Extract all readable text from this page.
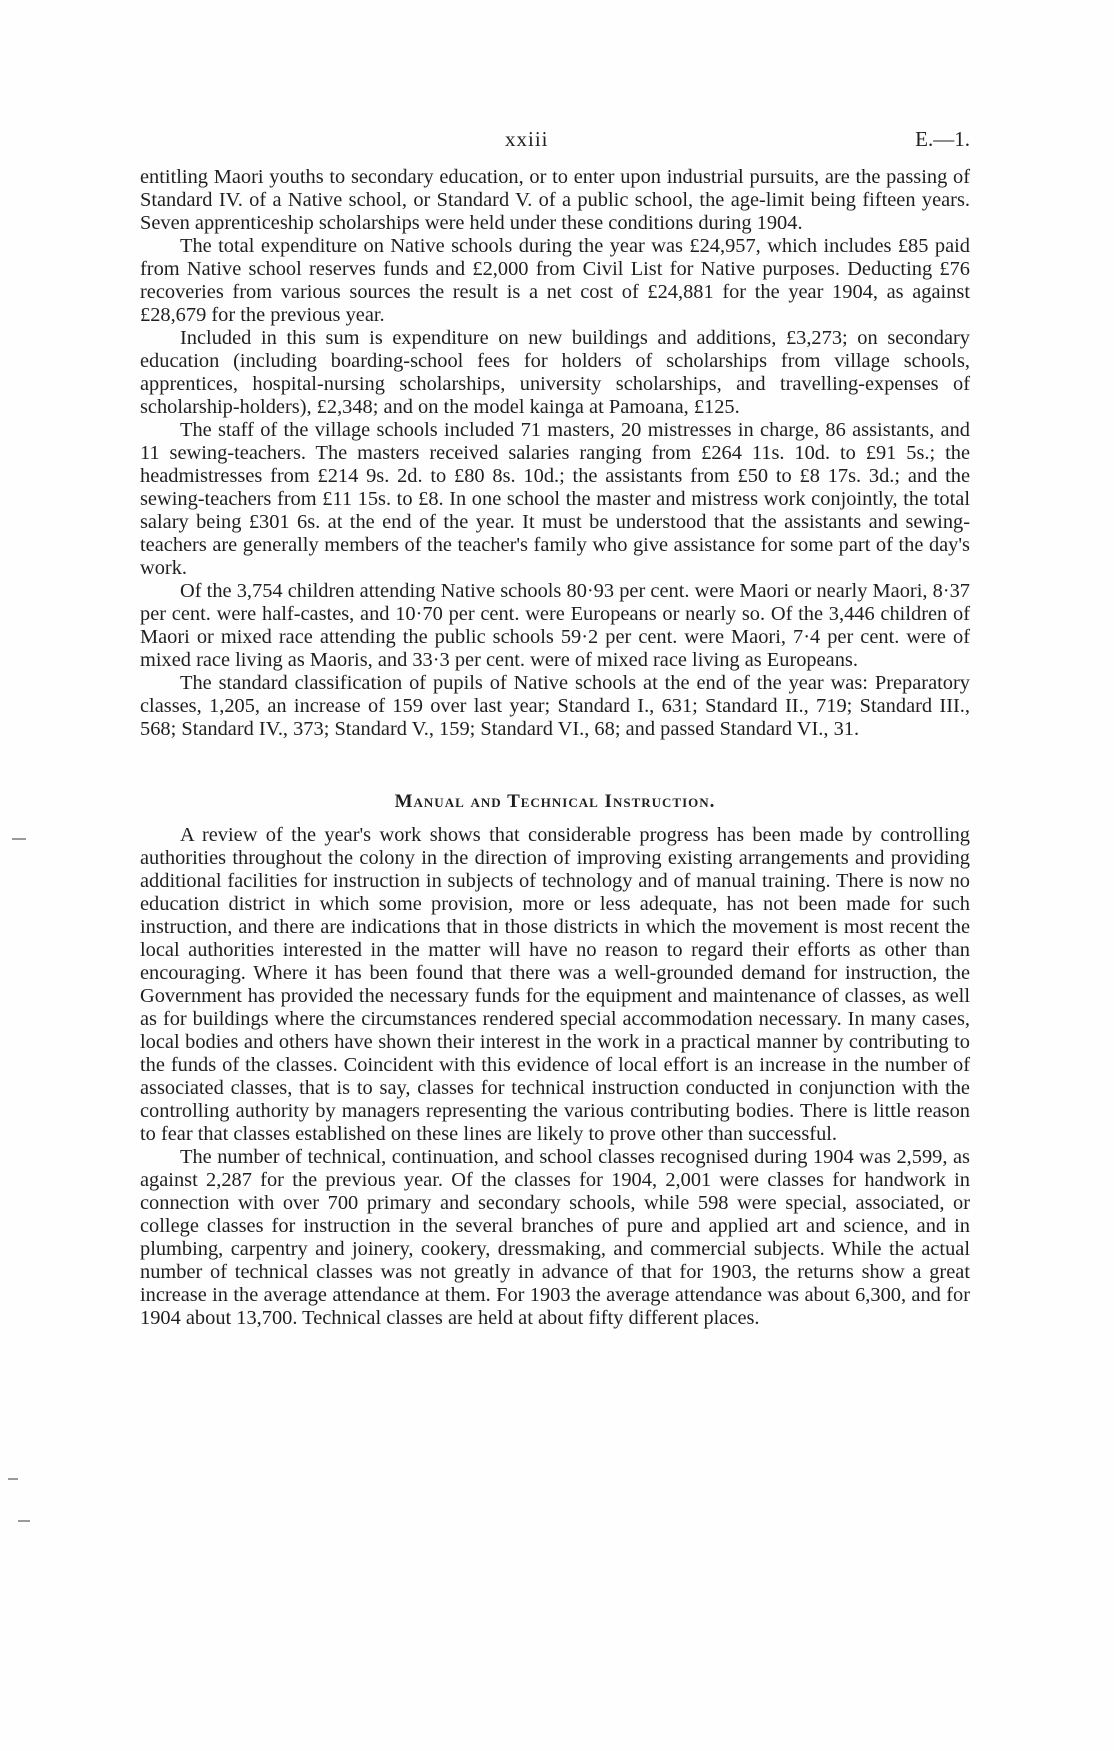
xxiii	E.—1.

entitling Maori youths to secondary education, or to enter upon industrial pursuits, are the passing of Standard IV. of a Native school, or Standard V. of a public school, the age-limit being fifteen years. Seven apprenticeship scholarships were held under these conditions during 1904.

The total expenditure on Native schools during the year was £24,957, which includes £85 paid from Native school reserves funds and £2,000 from Civil List for Native purposes. Deducting £76 recoveries from various sources the result is a net cost of £24,881 for the year 1904, as against £28,679 for the previous year.

Included in this sum is expenditure on new buildings and additions, £3,273; on secondary education (including boarding-school fees for holders of scholarships from village schools, apprentices, hospital-nursing scholarships, university scholarships, and travelling-expenses of scholarship-holders), £2,348; and on the model kainga at Pamoana, £125.

The staff of the village schools included 71 masters, 20 mistresses in charge, 86 assistants, and 11 sewing-teachers. The masters received salaries ranging from £264 11s. 10d. to £91 5s.; the headmistresses from £214 9s. 2d. to £80 8s. 10d.; the assistants from £50 to £8 17s. 3d.; and the sewing-teachers from £11 15s. to £8. In one school the master and mistress work conjointly, the total salary being £301 6s. at the end of the year. It must be understood that the assistants and sewing-teachers are generally members of the teacher's family who give assistance for some part of the day's work.

Of the 3,754 children attending Native schools 80·93 per cent. were Maori or nearly Maori, 8·37 per cent. were half-castes, and 10·70 per cent. were Europeans or nearly so. Of the 3,446 children of Maori or mixed race attending the public schools 59·2 per cent. were Maori, 7·4 per cent. were of mixed race living as Maoris, and 33·3 per cent. were of mixed race living as Europeans.

The standard classification of pupils of Native schools at the end of the year was: Preparatory classes, 1,205, an increase of 159 over last year; Standard I., 631; Standard II., 719; Standard III., 568; Standard IV., 373; Standard V., 159; Standard VI., 68; and passed Standard VI., 31.

Manual and Technical Instruction.

A review of the year's work shows that considerable progress has been made by controlling authorities throughout the colony in the direction of improving existing arrangements and providing additional facilities for instruction in subjects of technology and of manual training. There is now no education district in which some provision, more or less adequate, has not been made for such instruction, and there are indications that in those districts in which the movement is most recent the local authorities interested in the matter will have no reason to regard their efforts as other than encouraging. Where it has been found that there was a well-grounded demand for instruction, the Government has provided the necessary funds for the equipment and maintenance of classes, as well as for buildings where the circumstances rendered special accommodation necessary. In many cases, local bodies and others have shown their interest in the work in a practical manner by contributing to the funds of the classes. Coincident with this evidence of local effort is an increase in the number of associated classes, that is to say, classes for technical instruction conducted in conjunction with the controlling authority by managers representing the various contributing bodies. There is little reason to fear that classes established on these lines are likely to prove other than successful.

The number of technical, continuation, and school classes recognised during 1904 was 2,599, as against 2,287 for the previous year. Of the classes for 1904, 2,001 were classes for handwork in connection with over 700 primary and secondary schools, while 598 were special, associated, or college classes for instruction in the several branches of pure and applied art and science, and in plumbing, carpentry and joinery, cookery, dressmaking, and commercial subjects. While the actual number of technical classes was not greatly in advance of that for 1903, the returns show a great increase in the average attendance at them. For 1903 the average attendance was about 6,300, and for 1904 about 13,700. Technical classes are held at about fifty different places.
